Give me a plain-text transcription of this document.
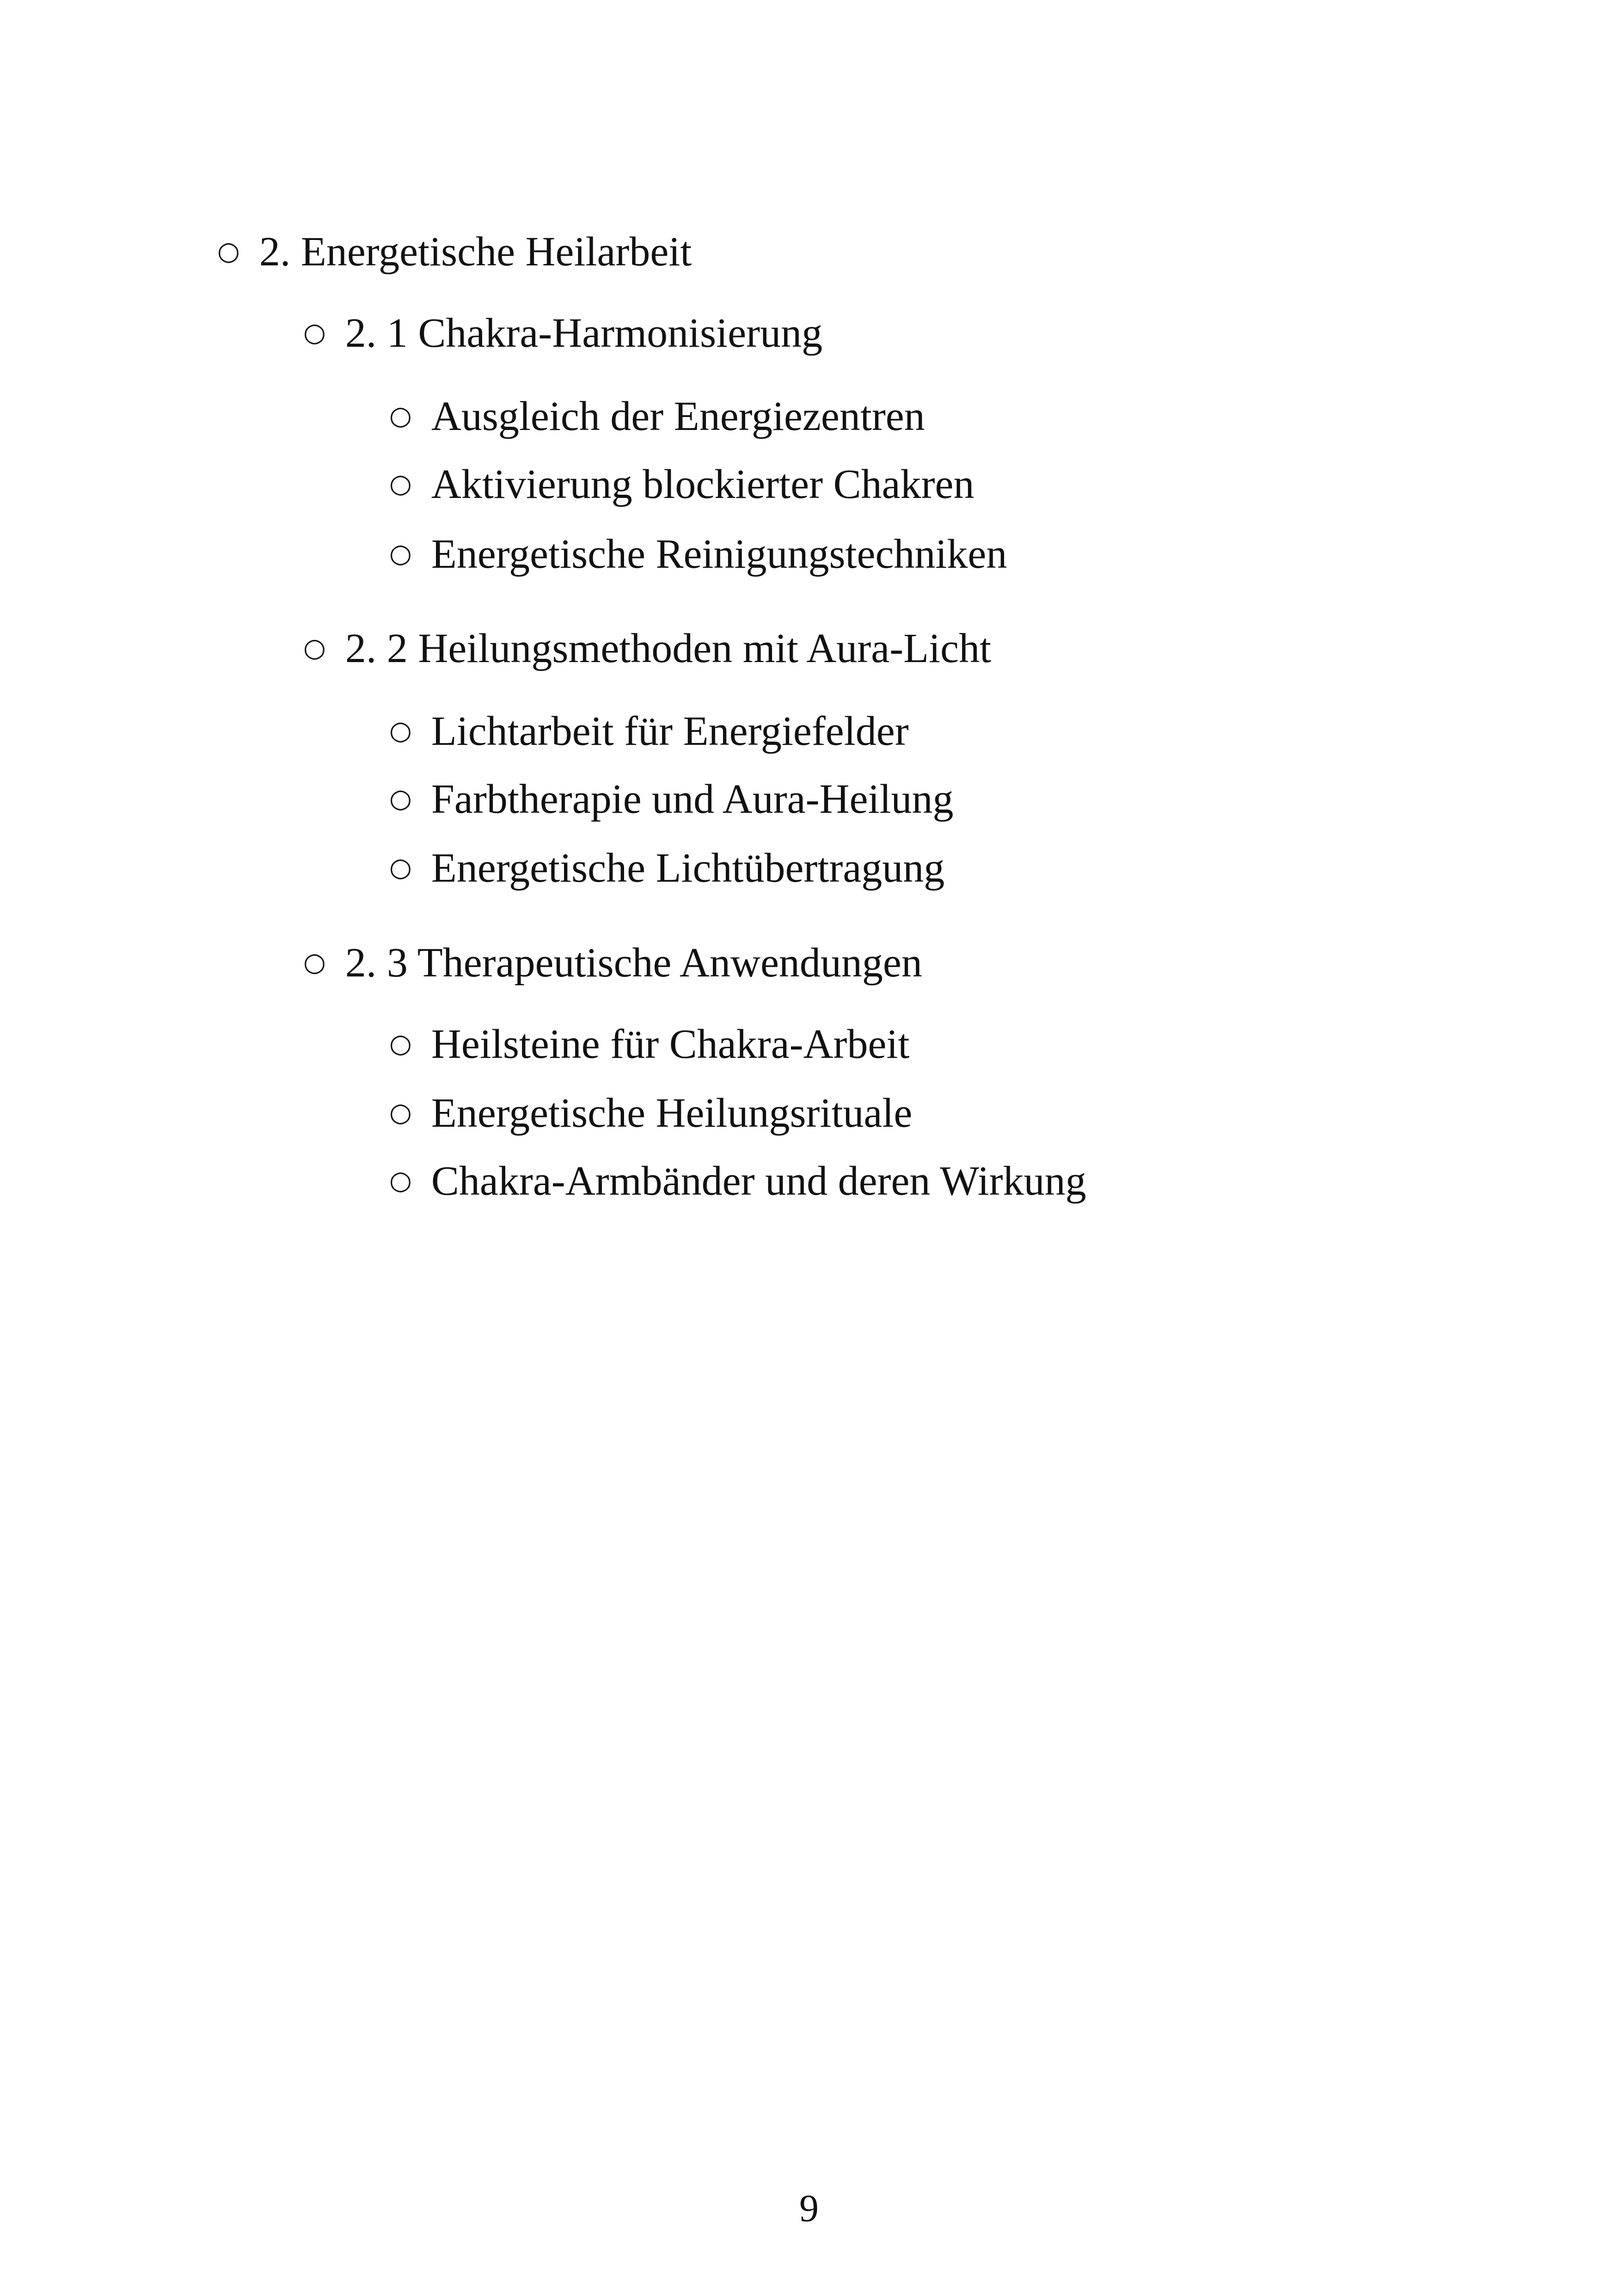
○ 2. Energetische Heilarbeit
○ 2. 1 Chakra-Harmonisierung
○ Ausgleich der Energiezentren
○ Aktivierung blockierter Chakren
○ Energetische Reinigungstechniken
○ 2. 2 Heilungsmethoden mit Aura-Licht
○ Lichtarbeit für Energiefelder
○ Farbtherapie und Aura-Heilung
○ Energetische Lichtübertragung
○ 2. 3 Therapeutische Anwendungen
○ Heilsteine für Chakra-Arbeit
○ Energetische Heilungsrituale
○ Chakra-Armbänder und deren Wirkung
9
